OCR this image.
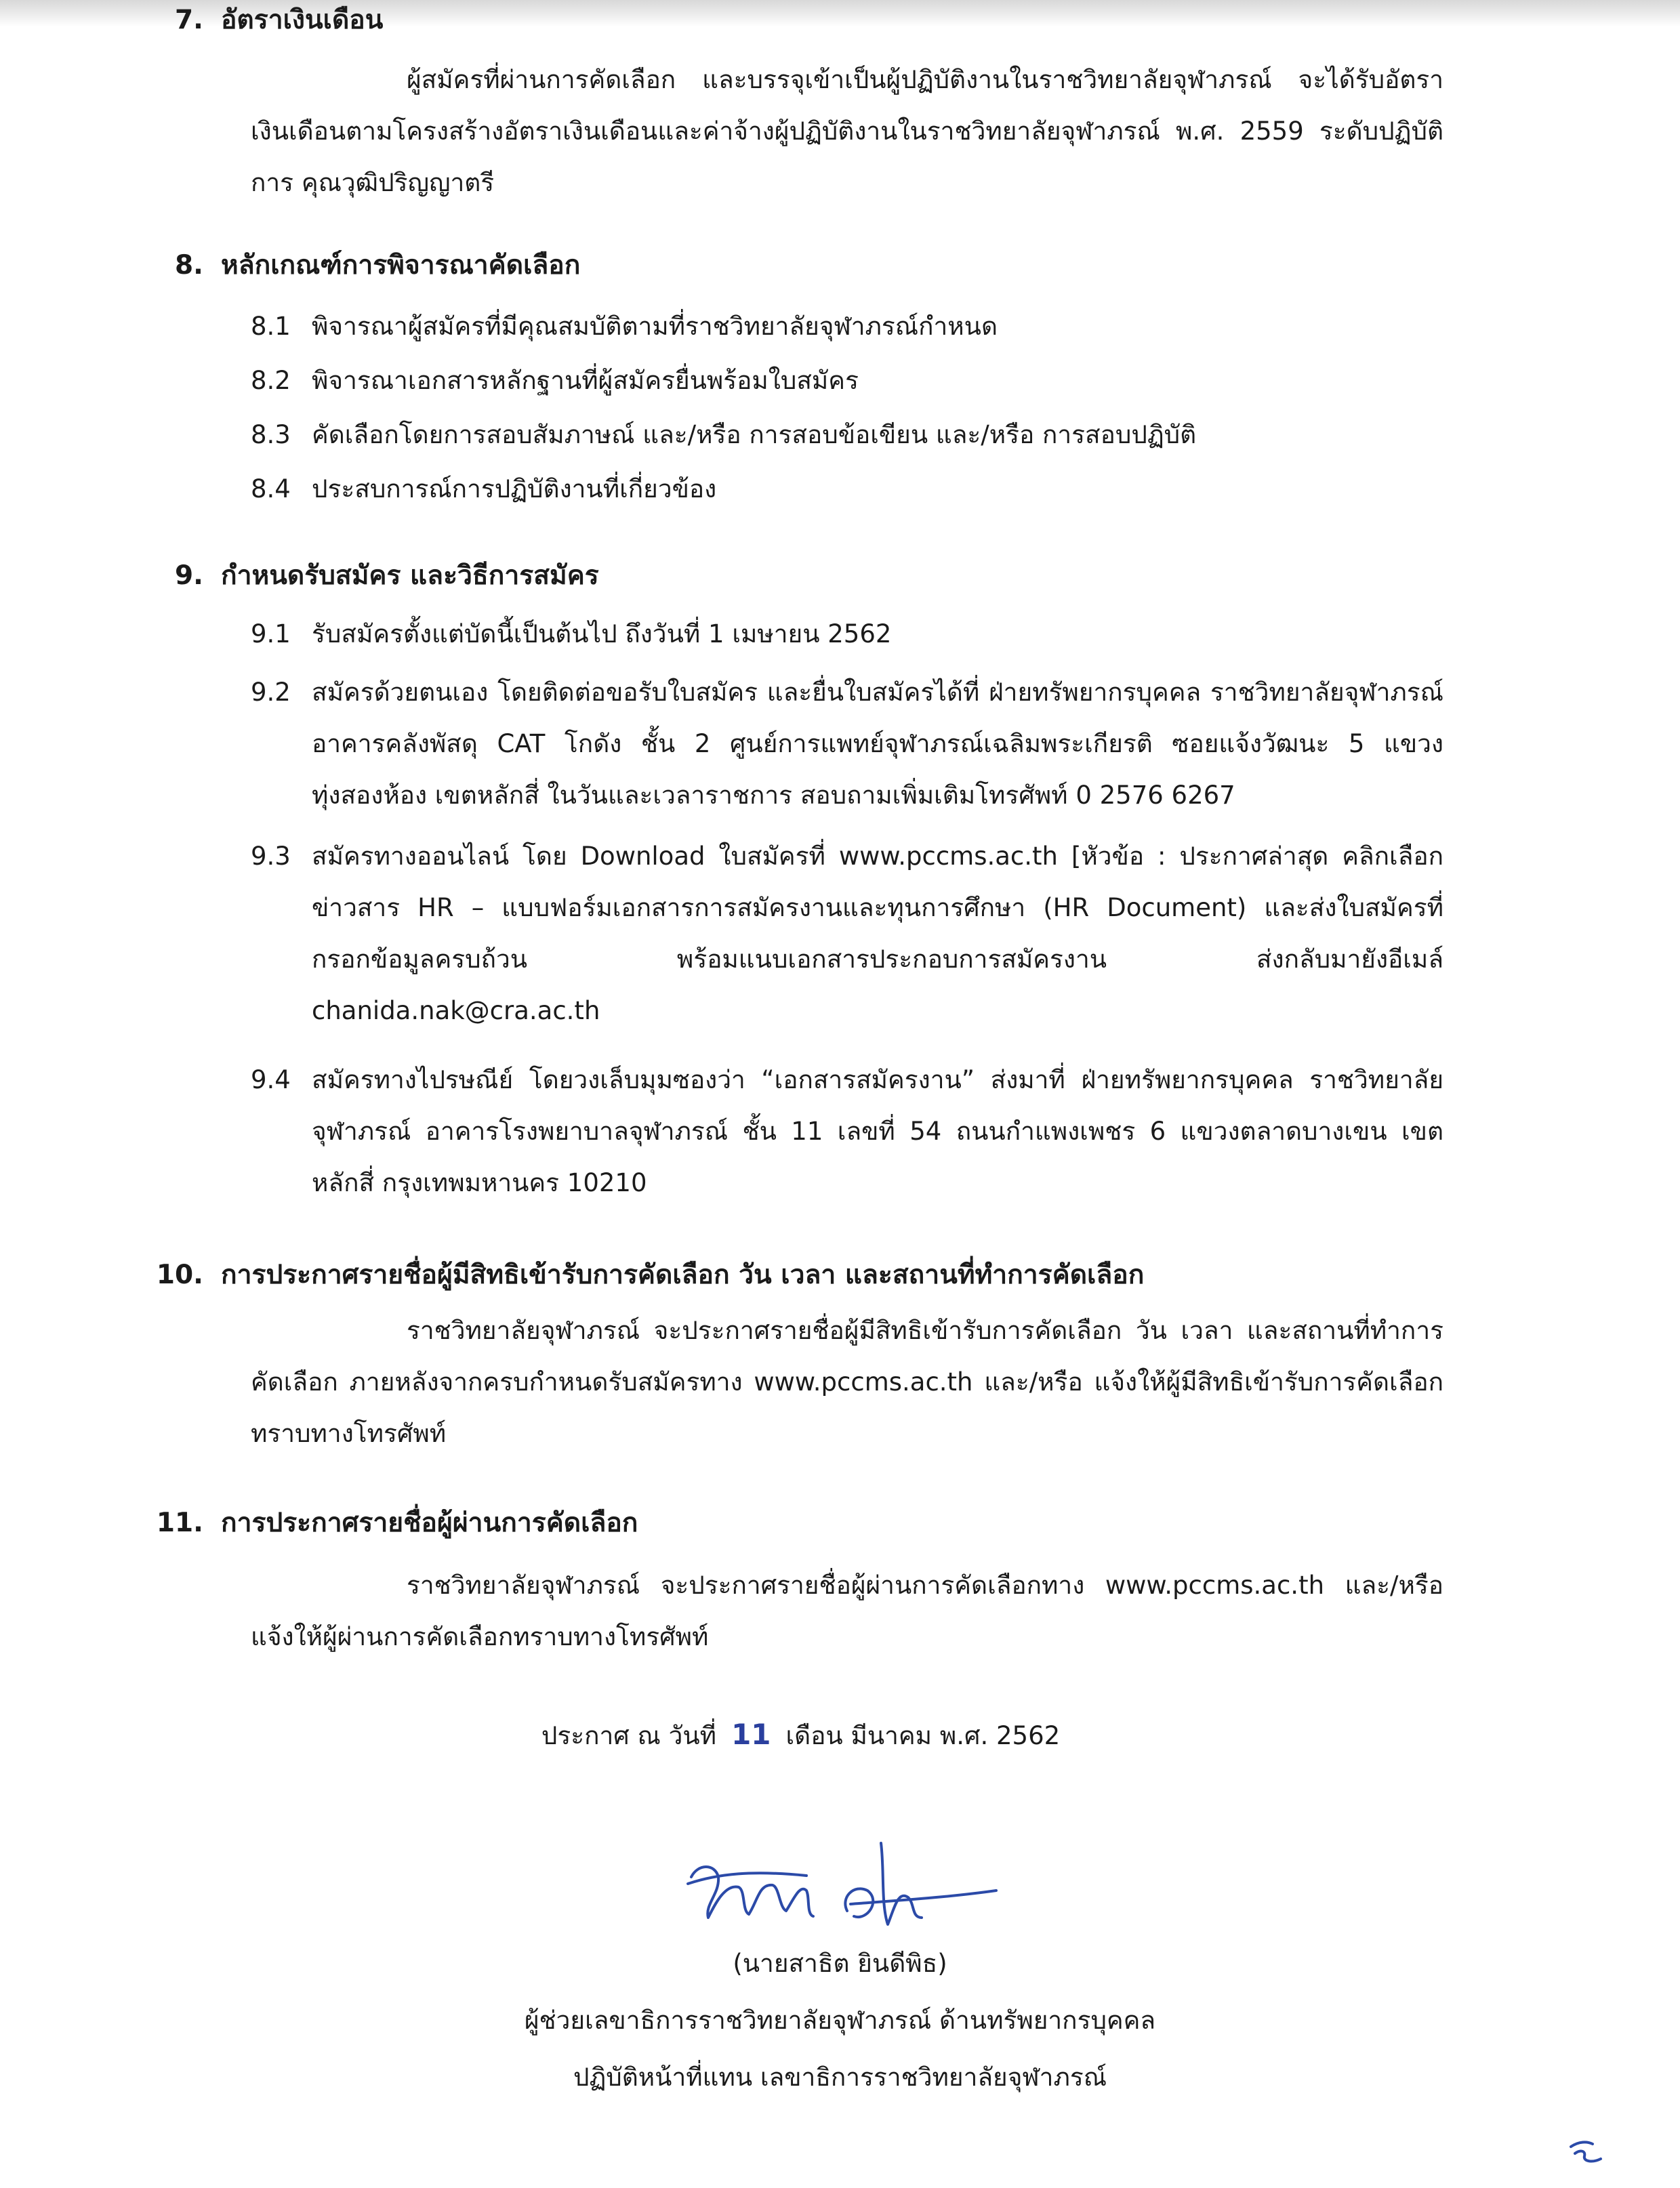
7. อัตราเงินเดือน
ผู้สมัครที่ผ่านการคัดเลือก และบรรจุเข้าเป็นผู้ปฏิบัติงานในราชวิทยาลัยจุฬาภรณ์ จะได้รับอัตราเงินเดือนตามโครงสร้างอัตราเงินเดือนและค่าจ้างผู้ปฏิบัติงานในราชวิทยาลัยจุฬาภรณ์ พ.ศ. 2559 ระดับปฏิบัติการ คุณวุฒิปริญญาตรี
8. หลักเกณฑ์การพิจารณาคัดเลือก
8.1 พิจารณาผู้สมัครที่มีคุณสมบัติตามที่ราชวิทยาลัยจุฬาภรณ์กำหนด
8.2 พิจารณาเอกสารหลักฐานที่ผู้สมัครยื่นพร้อมใบสมัคร
8.3 คัดเลือกโดยการสอบสัมภาษณ์ และ/หรือ การสอบข้อเขียน และ/หรือ การสอบปฏิบัติ
8.4 ประสบการณ์การปฏิบัติงานที่เกี่ยวข้อง
9. กำหนดรับสมัคร และวิธีการสมัคร
9.1 รับสมัครตั้งแต่บัดนี้เป็นต้นไป ถึงวันที่ 1 เมษายน 2562
9.2 สมัครด้วยตนเอง โดยติดต่อขอรับใบสมัคร และยื่นใบสมัครได้ที่ ฝ่ายทรัพยากรบุคคล ราชวิทยาลัยจุฬาภรณ์ อาคารคลังพัสดุ CAT โกดัง ชั้น 2 ศูนย์การแพทย์จุฬาภรณ์เฉลิมพระเกียรติ ซอยแจ้งวัฒนะ 5 แขวงทุ่งสองห้อง เขตหลักสี่ ในวันและเวลาราชการ สอบถามเพิ่มเติมโทรศัพท์ 0 2576 6267
9.3 สมัครทางออนไลน์ โดย Download ใบสมัครที่ www.pccms.ac.th [หัวข้อ : ประกาศล่าสุด คลิกเลือกข่าวสาร HR – แบบฟอร์มเอกสารการสมัครงานและทุนการศึกษา (HR Document) และส่งใบสมัครที่กรอกข้อมูลครบถ้วน พร้อมแนบเอกสารประกอบการสมัครงาน ส่งกลับมายังอีเมล์ chanida.nak@cra.ac.th
9.4 สมัครทางไปรษณีย์ โดยวงเล็บมุมซองว่า “เอกสารสมัครงาน” ส่งมาที่ ฝ่ายทรัพยากรบุคคล ราชวิทยาลัยจุฬาภรณ์ อาคารโรงพยาบาลจุฬาภรณ์ ชั้น 11 เลขที่ 54 ถนนกำแพงเพชร 6 แขวงตลาดบางเขน เขตหลักสี่ กรุงเทพมหานคร 10210
10. การประกาศรายชื่อผู้มีสิทธิเข้ารับการคัดเลือก วัน เวลา และสถานที่ทำการคัดเลือก
ราชวิทยาลัยจุฬาภรณ์ จะประกาศรายชื่อผู้มีสิทธิเข้ารับการคัดเลือก วัน เวลา และสถานที่ทำการคัดเลือก ภายหลังจากครบกำหนดรับสมัครทาง www.pccms.ac.th และ/หรือ แจ้งให้ผู้มีสิทธิเข้ารับการคัดเลือกทราบทางโทรศัพท์
11. การประกาศรายชื่อผู้ผ่านการคัดเลือก
ราชวิทยาลัยจุฬาภรณ์ จะประกาศรายชื่อผู้ผ่านการคัดเลือกทาง www.pccms.ac.th และ/หรือ แจ้งให้ผู้ผ่านการคัดเลือกทราบทางโทรศัพท์
ประกาศ ณ วันที่ 11 เดือน มีนาคม พ.ศ. 2562
(นายสาธิต ยินดีพิธ)
ผู้ช่วยเลขาธิการราชวิทยาลัยจุฬาภรณ์ ด้านทรัพยากรบุคคล
ปฏิบัติหน้าที่แทน เลขาธิการราชวิทยาลัยจุฬาภรณ์
